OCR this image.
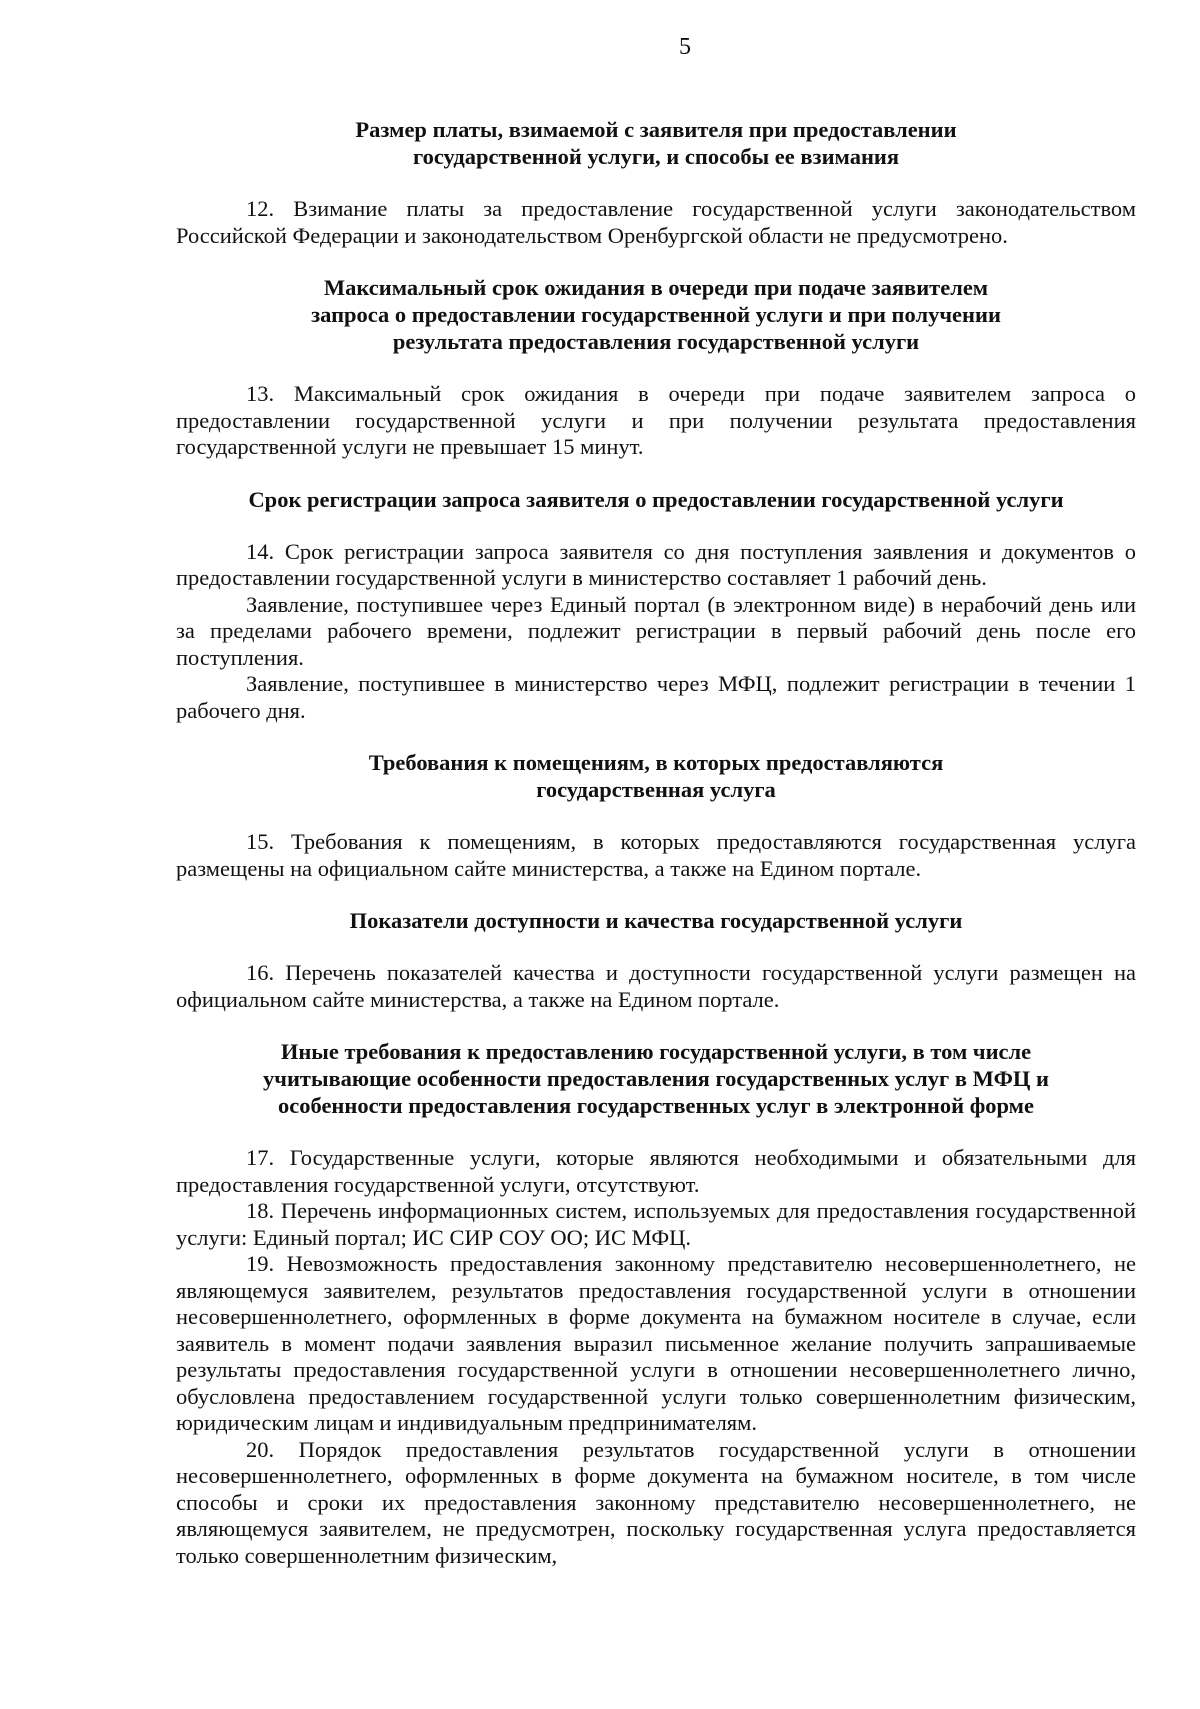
5
Размер платы, взимаемой с заявителя при предоставлении
государственной услуги, и способы ее взимания

12. Взимание платы за предоставление государственной услуги законодательством Российской Федерации и законодательством Оренбургской области не предусмотрено.

Максимальный срок ожидания в очереди при подаче заявителем
запроса о предоставлении государственной услуги и при получении
результата предоставления государственной услуги

13. Максимальный срок ожидания в очереди при подаче заявителем запроса о предоставлении государственной услуги и при получении результата предоставления государственной услуги не превышает 15 минут.

Срок регистрации запроса заявителя о предоставлении государственной услуги

14. Срок регистрации запроса заявителя со дня поступления заявления и документов о предоставлении государственной услуги в министерство составляет 1 рабочий день.

Заявление, поступившее через Единый портал (в электронном виде) в нерабочий день или за пределами рабочего времени, подлежит регистрации в первый рабочий день после его поступления.

Заявление, поступившее в министерство через МФЦ, подлежит регистрации в течении 1 рабочего дня.

Требования к помещениям, в которых предоставляются
государственная услуга

15. Требования к помещениям, в которых предоставляются государственная услуга размещены на официальном сайте министерства, а также на Едином портале.

Показатели доступности и качества государственной услуги

16. Перечень показателей качества и доступности государственной услуги размещен на официальном сайте министерства, а также на Едином портале.

Иные требования к предоставлению государственной услуги, в том числе
учитывающие особенности предоставления государственных услуг в МФЦ и
особенности предоставления государственных услуг в электронной форме

17. Государственные услуги, которые являются необходимыми и обязательными для предоставления государственной услуги, отсутствуют.

18. Перечень информационных систем, используемых для предоставления государственной услуги: Единый портал; ИС СИР СОУ ОО; ИС МФЦ.

19. Невозможность предоставления законному представителю несовершеннолетнего, не являющемуся заявителем, результатов предоставления государственной услуги в отношении несовершеннолетнего, оформленных в форме документа на бумажном носителе в случае, если заявитель в момент подачи заявления выразил письменное желание получить запрашиваемые результаты предоставления государственной услуги в отношении несовершеннолетнего лично, обусловлена предоставлением государственной услуги только совершеннолетним физическим, юридическим лицам и индивидуальным предпринимателям.

20. Порядок предоставления результатов государственной услуги в отношении несовершеннолетнего, оформленных в форме документа на бумажном носителе, в том числе способы и сроки их предоставления законному представителю несовершеннолетнего, не являющемуся заявителем, не предусмотрен, поскольку государственная услуга предоставляется только совершеннолетним физическим,
